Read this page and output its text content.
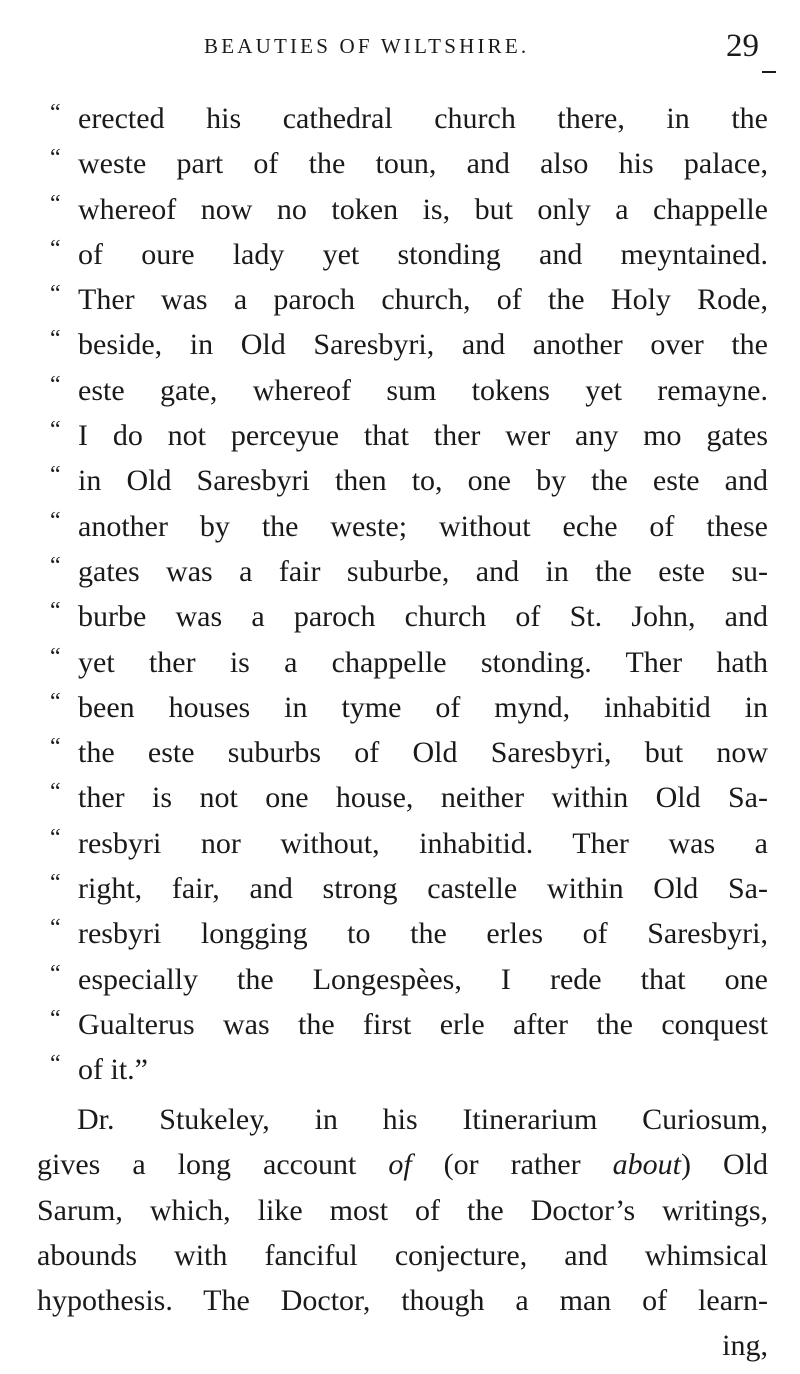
BEAUTIES OF WILTSHIRE.	29
“ erected his cathedral church there, in the
“ weste part of the toun, and also his palace,
“ whereof now no token is, but only a chappelle
“ of oure lady yet stonding and meyntained.
“ Ther was a paroch church, of the Holy Rode,
“ beside, in Old Saresbyri, and another over the
“ este gate, whereof sum tokens yet remayne.
“ I do not perceyue that ther wer any mo gates
“ in Old Saresbyri then to, one by the este and
“ another by the weste; without eche of these
“ gates was a fair suburbe, and in the este su-
“ burbe was a paroch church of St. John, and
“ yet ther is a chappelle stonding. Ther hath
“ been houses in tyme of mynd, inhabitid in
“ the este suburbs of Old Saresbyri, but now
“ ther is not one house, neither within Old Sa-
“ resbyri nor without, inhabitid. Ther was a
“ right, fair, and strong castelle within Old Sa-
“ resbyri longging to the erles of Saresbyri,
“ especially the Longespèes, I rede that one
“ Gualterus was the first erle after the conquest
“ of it.”
Dr. Stukeley, in his Itinerarium Curiosum,
gives a long account of (or rather about) Old
Sarum, which, like most of the Doctor’s writings,
abounds with fanciful conjecture, and whimsical
hypothesis. The Doctor, though a man of learn-
ing,
